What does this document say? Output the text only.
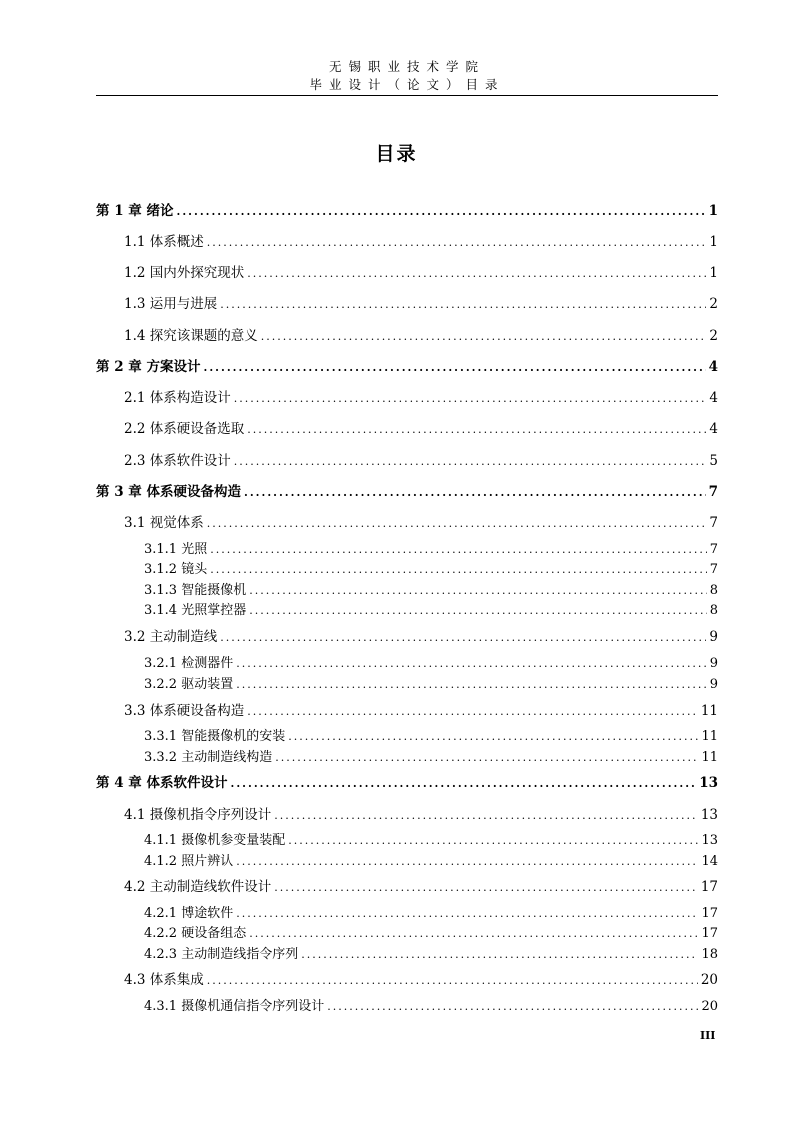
无锡职业技术学院
毕业设计（论文）目录
目录
第 1 章 绪论 .....	1
1.1 体系概述 .....	1
1.2 国内外探究现状 .....	1
1.3 运用与进展 .....	2
1.4 探究该课题的意义 .....	2
第 2 章 方案设计 .....	4
2.1 体系构造设计 .....	4
2.2 体系硬设备选取 .....	4
2.3 体系软件设计 .....	5
第 3 章 体系硬设备构造 .....	7
3.1 视觉体系 .....	7
3.1.1 光照 .....	7
3.1.2 镜头 .....	7
3.1.3 智能摄像机 .....	8
3.1.4 光照掌控器 .....	8
3.2 主动制造线 .....	9
3.2.1 检测器件 .....	9
3.2.2 驱动装置 .....	9
3.3 体系硬设备构造 .....	11
3.3.1 智能摄像机的安装 .....	11
3.3.2 主动制造线构造 .....	11
第 4 章 体系软件设计 .....	13
4.1 摄像机指令序列设计 .....	13
4.1.1 摄像机参变量装配 .....	13
4.1.2 照片辨认 .....	14
4.2 主动制造线软件设计 .....	17
4.2.1 博途软件 .....	17
4.2.2 硬设备组态 .....	17
4.2.3 主动制造线指令序列 .....	18
4.3 体系集成 .....	20
4.3.1 摄像机通信指令序列设计 .....	20
III
